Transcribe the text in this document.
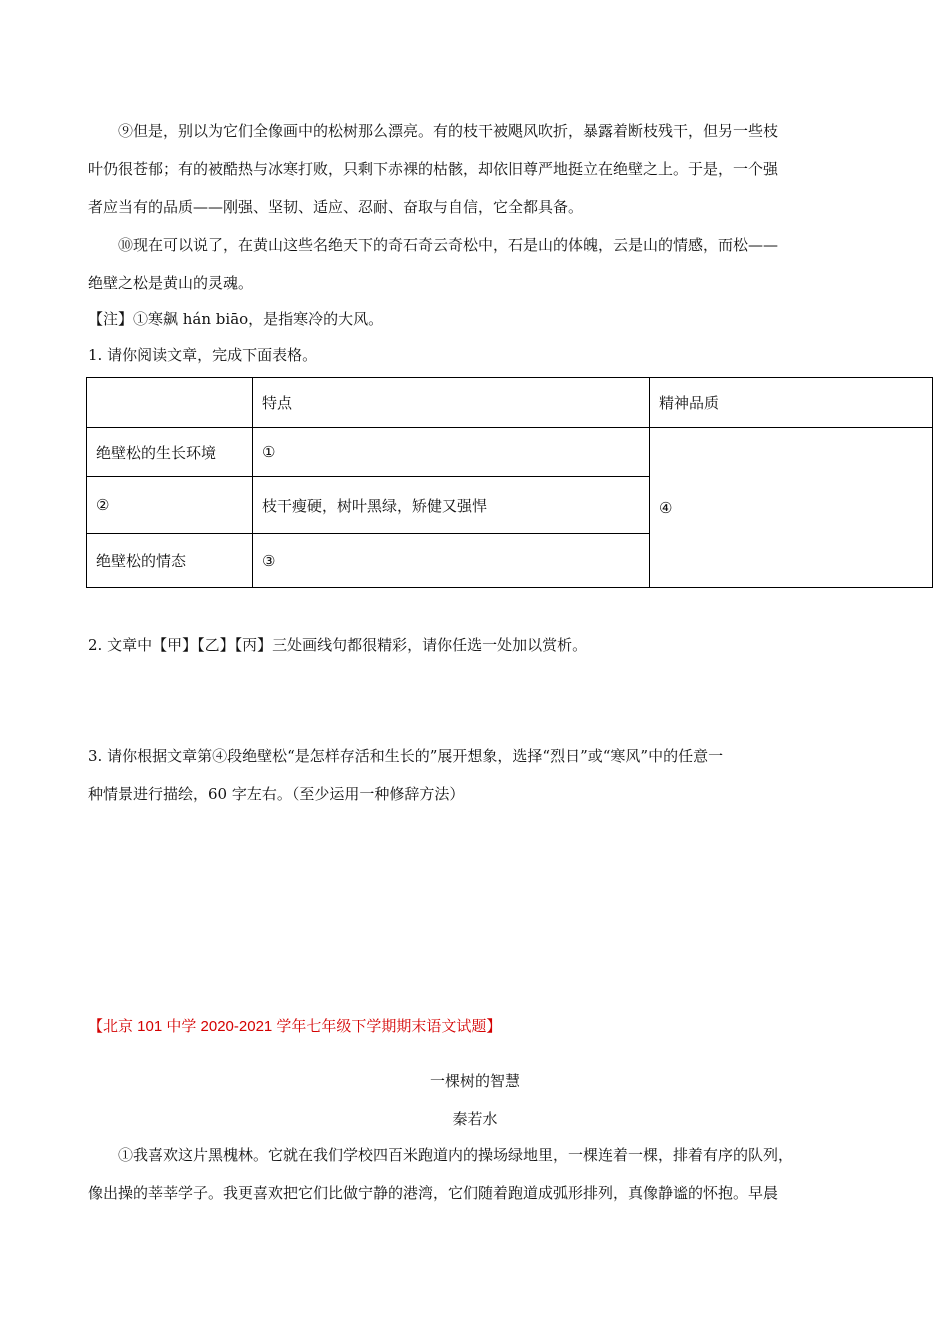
⑨但是，别以为它们全像画中的松树那么漂亮。有的枝干被飓风吹折，暴露着断枝残干，但另一些枝

叶仍很苍郁；有的被酷热与冰寒打败，只剩下赤裸的枯骸，却依旧尊严地挺立在绝壁之上。于是，一个强

者应当有的品质——刚强、坚韧、适应、忍耐、奋取与自信，它全都具备。

⑩现在可以说了，在黄山这些名绝天下的奇石奇云奇松中，石是山的体魄，云是山的情感，而松——

绝壁之松是黄山的灵魂。

【注】①寒飙 hán biāo，是指寒冷的大风。

1. 请你阅读文章，完成下面表格。

	特点	精神品质
绝壁松的生长环境	①	④
②	枝干瘦硬，树叶黑绿，矫健又强悍	
绝壁松的情态	③	

2. 文章中【甲】【乙】【丙】三处画线句都很精彩，请你任选一处加以赏析。

3. 请你根据文章第④段绝壁松“是怎样存活和生长的”展开想象，选择“烈日”或“寒风”中的任意一

种情景进行描绘，60 字左右。（至少运用一种修辞方法）

【北京 101 中学 2020-2021 学年七年级下学期期末语文试题】

一棵树的智慧

秦若水

①我喜欢这片黑槐林。它就在我们学校四百米跑道内的操场绿地里，一棵连着一棵，排着有序的队列，

像出操的莘莘学子。我更喜欢把它们比做宁静的港湾，它们随着跑道成弧形排列，真像静谧的怀抱。早晨
